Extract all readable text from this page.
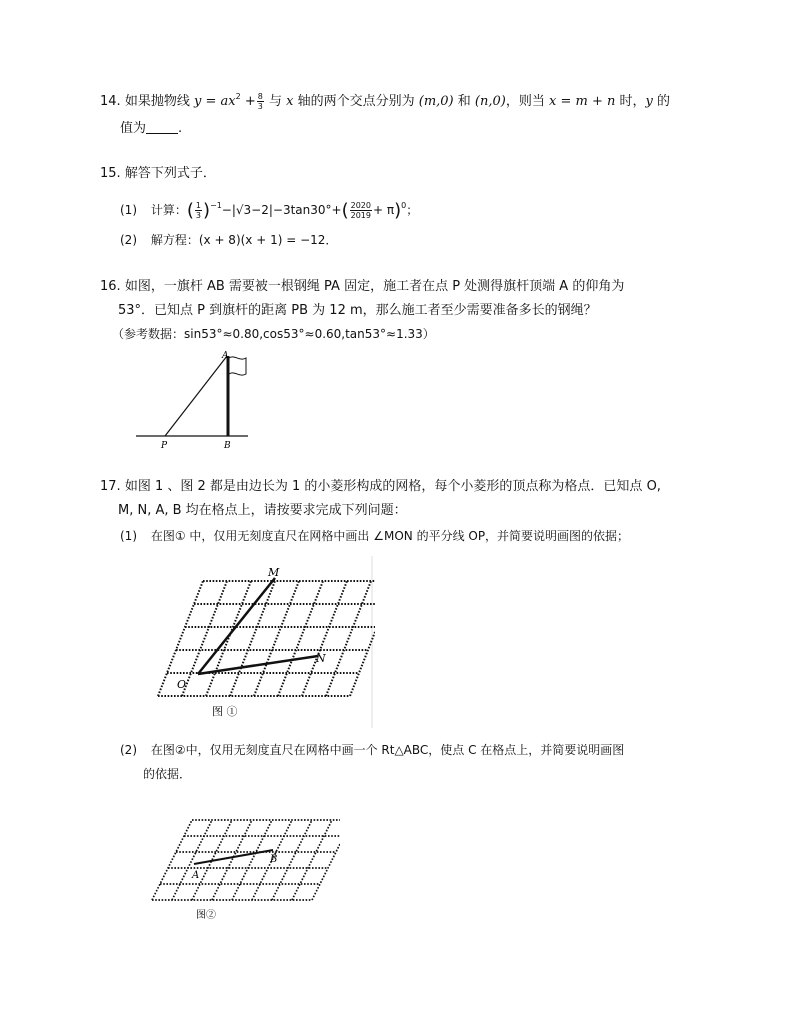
14. 如果抛物线 $y = ax^2 + \frac{8}{3}$ 与 x 轴的两个交点分别为 (m,0) 和 (n,0)，则当 x = m + n 时，y 的
值为 .
15. 解答下列式子．
(1) 计算：( $\frac{1}{3} )^{-1}-|√3-2|-3\tan 30^\circ+( \frac{2020}{2019} + \pi)^0$；
(2) 解方程：(x + 8)(x + 1) = −12．
16. 如图，一旗杆 AB 需要被一根钢绳 PA 固定，施工者在点 P 处测得旗杆顶端 A 的仰角为
53°．已知点 P 到旗杆的距离 PB 为 12 m，那么施工者至少需要准备多长的钢绳？
（参考数据：sin53°≈0.80,cos53°≈0.60,tan53°≈1.33）
A
P	B
17. 如图 1 、图 2 都是由边长为 1 的小菱形构成的网格，每个小菱形的顶点称为格点．已知点 O,
M, N, A, B 均在格点上，请按要求完成下列问题：
(1) 在图① 中，仅用无刻度直尺在网格中画出 ∠MON 的平分线 OP，并简要说明画图的依据；
M
N
O
图 ①
(2) 在图②中，仅用无刻度直尺在网格中画一个 Rt△ABC，使点 C 在格点上，并简要说明画图
的依据．
A
B
图②
